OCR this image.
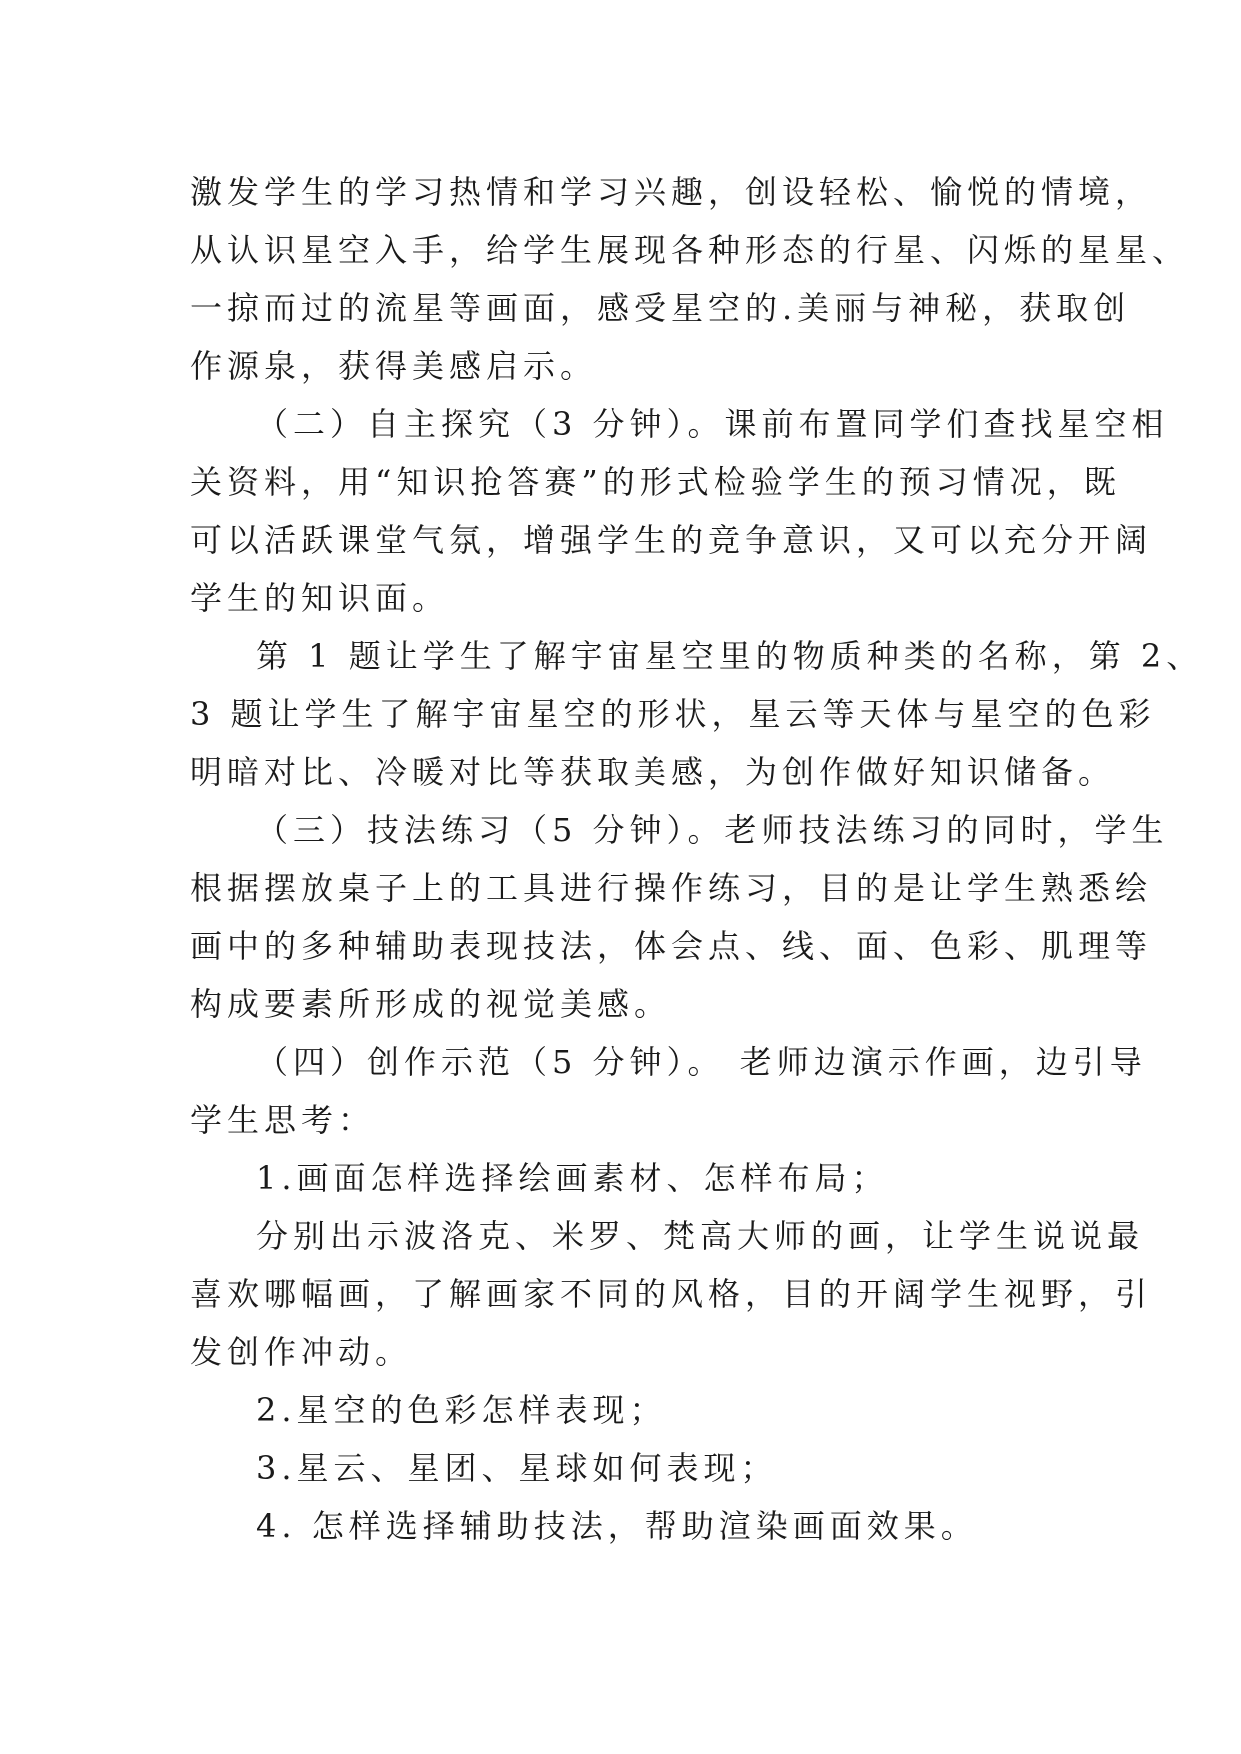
激发学生的学习热情和学习兴趣，创设轻松、愉悦的情境，
从认识星空入手，给学生展现各种形态的行星、闪烁的星星、
一掠而过的流星等画面，感受星空的.美丽与神秘，获取创
作源泉，获得美感启示。
（二）自主探究（3 分钟）。课前布置同学们查找星空相
关资料，用“知识抢答赛”的形式检验学生的预习情况，既
可以活跃课堂气氛，增强学生的竞争意识，又可以充分开阔
学生的知识面。
第 1 题让学生了解宇宙星空里的物质种类的名称，第 2、
3 题让学生了解宇宙星空的形状，星云等天体与星空的色彩
明暗对比、冷暖对比等获取美感，为创作做好知识储备。
（三）技法练习（5 分钟）。老师技法练习的同时，学生
根据摆放桌子上的工具进行操作练习，目的是让学生熟悉绘
画中的多种辅助表现技法，体会点、线、面、色彩、肌理等
构成要素所形成的视觉美感。
（四）创作示范（5 分钟）。 老师边演示作画，边引导
学生思考：
1.画面怎样选择绘画素材、怎样布局；
分别出示波洛克、米罗、梵高大师的画，让学生说说最
喜欢哪幅画，了解画家不同的风格，目的开阔学生视野，引
发创作冲动。
2.星空的色彩怎样表现；
3.星云、星团、星球如何表现；
4. 怎样选择辅助技法，帮助渲染画面效果。
